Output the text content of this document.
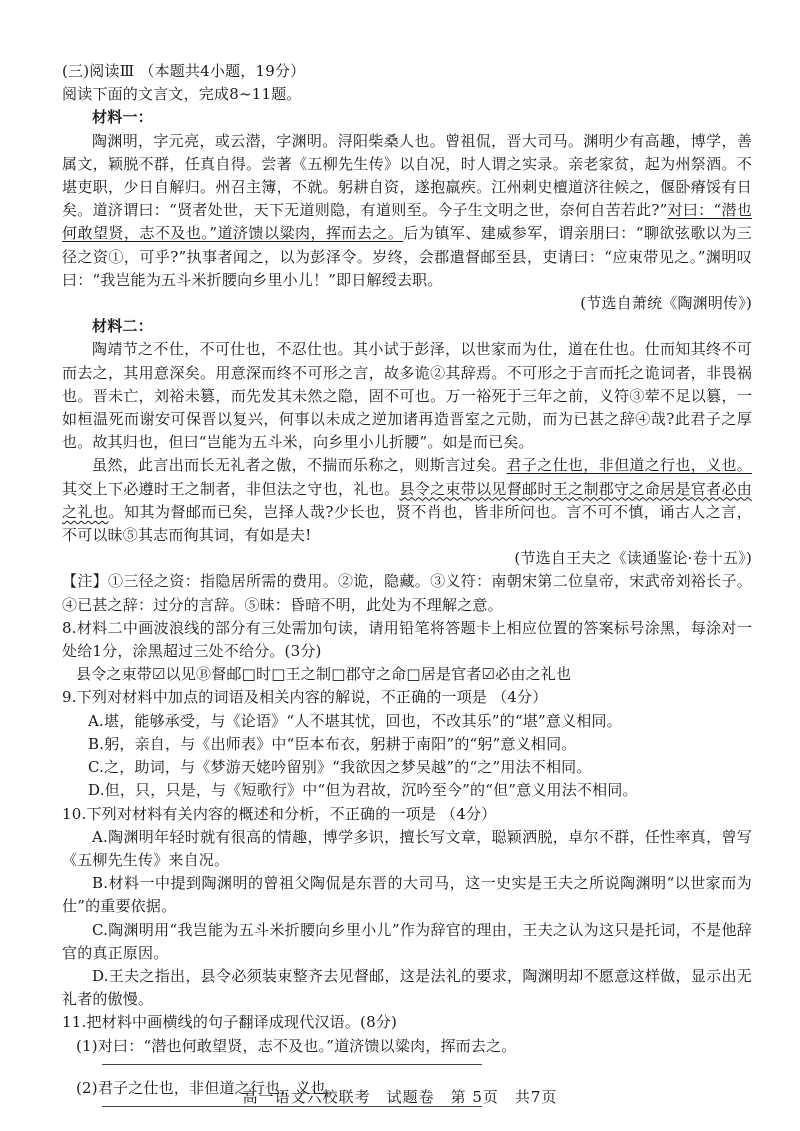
(三)阅读Ⅲ （本题共4小题，19分）
阅读下面的文言文，完成8~11题。
材料一：
陶渊明，字元亮，或云潜，字渊明。浔阳柴桑人也。曾祖侃，晋大司马。渊明少有高趣，博学，善属文，颖脱不群，任真自得。尝著《五柳先生传》以自况，时人谓之实录。亲老家贫，起为州祭酒。不堪吏职，少日自解归。州召主簿，不就。躬耕自资，遂抱羸疾。江州刺史檀道济往候之，偃卧瘠馁有日矣。道济谓曰：“贤者处世，天下无道则隐，有道则至。今子生文明之世，奈何自苦若此?”对曰：“潜也何敢望贤，志不及也。”道济馈以粱肉，挥而去之。后为镇军、建威参军，谓亲朋曰：“聊欲弦歌以为三径之资①，可乎?”执事者闻之，以为彭泽令。岁终，会郡遣督邮至县，吏请曰：“应束带见之。”渊明叹曰：“我岂能为五斗米折腰向乡里小儿！”即日解绶去职。
(节选自萧统《陶渊明传》)
材料二：
陶靖节之不仕，不可仕也，不忍仕也。其小试于彭泽，以世家而为仕，道在仕也。仕而知其终不可而去之，其用意深矣。用意深而终不可形之言，故多诡②其辞焉。不可形之于言而托之诡词者，非畏祸也。晋未亡，刘裕未篡，而先发其未然之隐，固不可也。万一裕死于三年之前，义符③荤不足以篡，一如桓温死而谢安可保晋以复兴，何事以未成之逆加诸再造晋室之元勋，而为已甚之辞④哉?此君子之厚也。故其归也，但曰“岂能为五斗米，向乡里小儿折腰”。如是而已矣。
虽然，此言出而长无礼者之傲，不揣而乐称之，则斯言过矣。君子之仕也，非但道之行也，义也。其交上下必遵时王之制者，非但法之守也，礼也。县令之束带以见督邮时王之制郡守之命居是官者必由之礼也。知其为督邮而已矣，岂择人哉?少长也，贤不肖也，皆非所问也。言不可不慎，诵古人之言，不可以昧⑤其志而徇其词，有如是夫!
(节选自王夫之《读通鉴论·卷十五》)
【注】①三径之资：指隐居所需的费用。②诡，隐藏。③义符：南朝宋第二位皇帝，宋武帝刘裕长子。④已甚之辞：过分的言辞。⑤昧：昏暗不明，此处为不理解之意。
8.材料二中画波浪线的部分有三处需加句读，请用铅笔将答题卡上相应位置的答案标号涂黑，每涂对一处给1分，涂黑超过三处不给分。(3分)
县令之束带☑以见Ⓑ督邮□时□王之制□郡守之命□居是官者☑必由之礼也
9.下列对材料中加点的词语及相关内容的解说，不正确的一项是 （4分）
A.堪，能够承受，与《论语》“人不堪其忧，回也，不改其乐”的“堪”意义相同。
B.躬，亲自，与《出师表》中“臣本布衣，躬耕于南阳”的“躬”意义相同。
C.之，助词，与《梦游天姥吟留别》“我欲因之梦吴越”的“之”用法不相同。
D.但，只，只是，与《短歌行》中“但为君故，沉吟至今”的“但”意义用法不相同。
10.下列对材料有关内容的概述和分析，不正确的一项是 （4分）
A.陶渊明年轻时就有很高的情趣，博学多识，擅长写文章，聪颖洒脱，卓尔不群，任性率真，曾写《五柳先生传》来自况。
B.材料一中提到陶渊明的曾祖父陶侃是东晋的大司马，这一史实是王夫之所说陶渊明“以世家而为仕”的重要依据。
C.陶渊明用“我岂能为五斗米折腰向乡里小儿”作为辞官的理由，王夫之认为这只是托词，不是他辞官的真正原因。
D.王夫之指出，县令必须装束整齐去见督邮，这是法礼的要求，陶渊明却不愿意这样做，显示出无礼者的傲慢。
11.把材料中画横线的句子翻译成现代汉语。(8分)
(1)对曰：“潜也何敢望贤，志不及也。”道济馈以粱肉，挥而去之。
(2)君子之仕也，非但道之行也，义也。
高一语文六校联考　试题卷　第 5页　共7页
